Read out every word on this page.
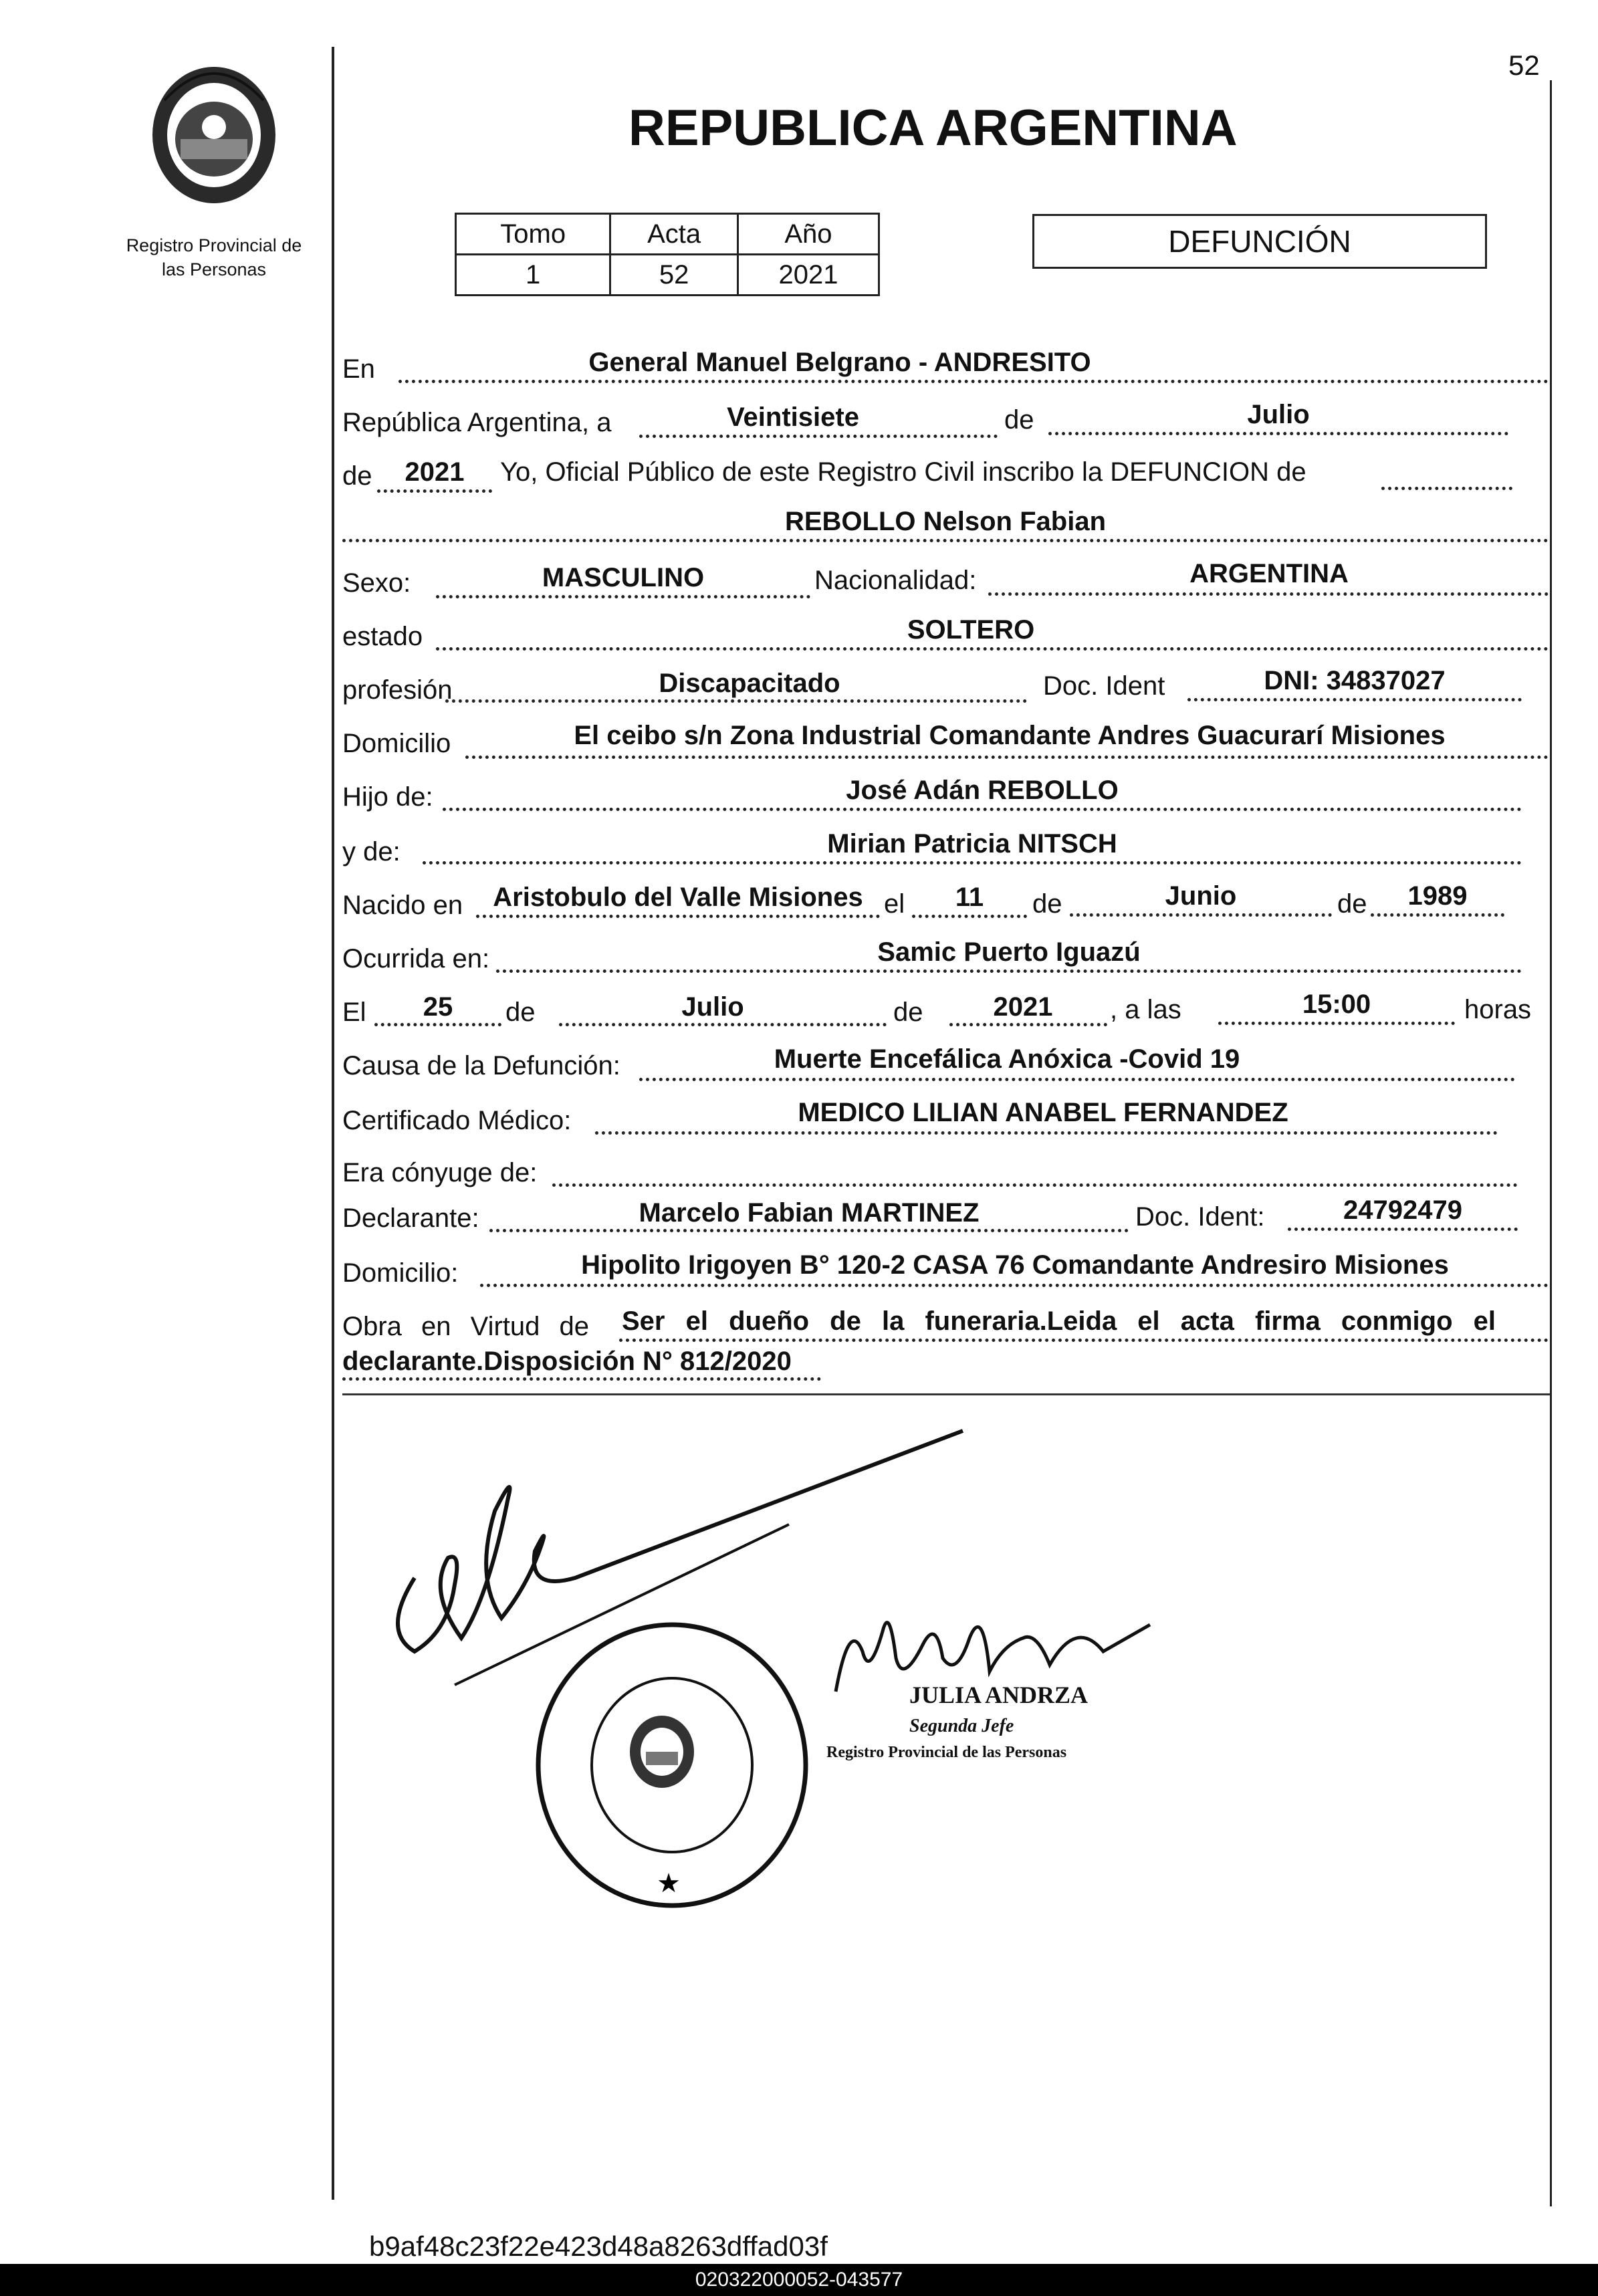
52
Registro Provincial de
las Personas
REPUBLICA ARGENTINA
Tomo	Acta	Año
1	52	2021
DEFUNCIÓN
En	General Manuel Belgrano - ANDRESITO
República Argentina, a	Veintisiete	de	Julio
de	2021	Yo, Oficial Público de este Registro Civil inscribo la DEFUNCION de
REBOLLO Nelson Fabian
Sexo:	MASCULINO	Nacionalidad:	ARGENTINA
estado	SOLTERO
profesión	Discapacitado	Doc. Ident	DNI: 34837027
Domicilio	El ceibo s/n Zona Industrial Comandante Andres Guacurarí Misiones
Hijo de:	José Adán REBOLLO
y de:	Mirian Patricia NITSCH
Nacido en	Aristobulo del Valle Misiones el	11	de	Junio	de	1989
Ocurrida en:	Samic Puerto Iguazú
El	25	de	Julio	de	2021	, a las	15:00	horas
Causa de la Defunción:	Muerte Encefálica Anóxica -Covid 19
Certificado Médico:	MEDICO LILIAN ANABEL FERNANDEZ
Era cónyuge de:
Declarante:	Marcelo Fabian MARTINEZ	Doc. Ident:	24792479
Domicilio:	Hipolito Irigoyen B° 120-2 CASA 76 Comandante Andresiro Misiones
Obra en Virtud de Ser el dueño de la funeraria.Leida el acta firma conmigo el
declarante.Disposición N° 812/2020
★
JULIA ANDRZA
Segunda Jefe
Registro Provincial de las Personas
b9af48c23f22e423d48a8263dffad03f
020322000052-043577
